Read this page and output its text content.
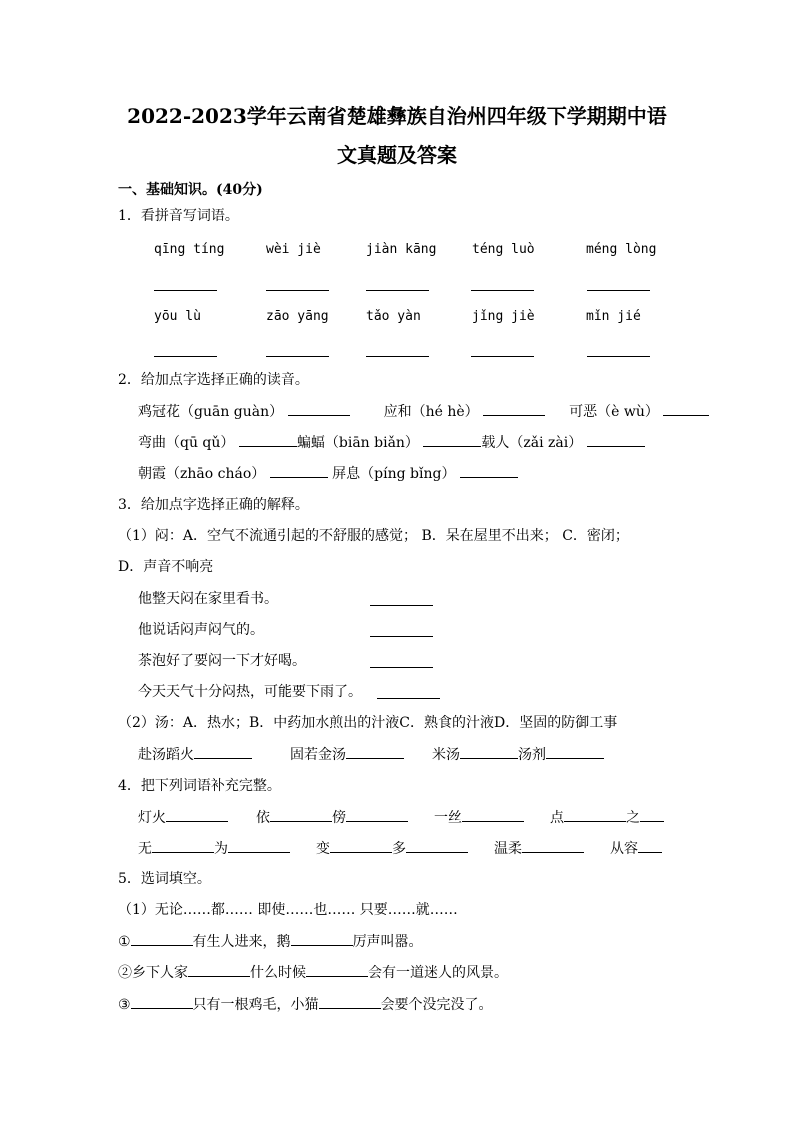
2022-2023学年云南省楚雄彝族自治州四年级下学期期中语
文真题及答案
一、基础知识。(40分)
1．看拼音写词语。
qīng tíng	wèi jiè	jiàn kāng	téng luò	méng lòng
yōu lù	zāo yāng	tǎo yàn	jǐng jiè	mǐn jié
2．给加点字选择正确的读音。
鸡冠花（guān guàn）	应和（hé hè）	可恶（è wù）
弯曲（qū qǔ）	蝙蝠（biān biǎn）	载人（zǎi zài）
朝霞（zhāo cháo）	屏息（píng bǐng）
3．给加点字选择正确的解释。
（1）闷：A．空气不流通引起的不舒服的感觉； B．呆在屋里不出来； C．密闭；
D．声音不响亮
他整天闷在家里看书。
他说话闷声闷气的。
茶泡好了要闷一下才好喝。
今天天气十分闷热，可能要下雨了。
（2）汤：A．热水；B．中药加水煎出的汁液C．熟食的汁液D．坚固的防御工事
赴汤蹈火	固若金汤	米汤	汤剂
4．把下列词语补充完整。
灯火	依	傍	一丝	点	之
无	为	变	多	温柔	从容
5．选词填空。
（1）无论……都…… 即使……也…… 只要……就……
①	有生人进来，鹅	厉声叫嚣。
②乡下人家	什么时候	会有一道迷人的风景。
③	只有一根鸡毛，小猫	会要个没完没了。
